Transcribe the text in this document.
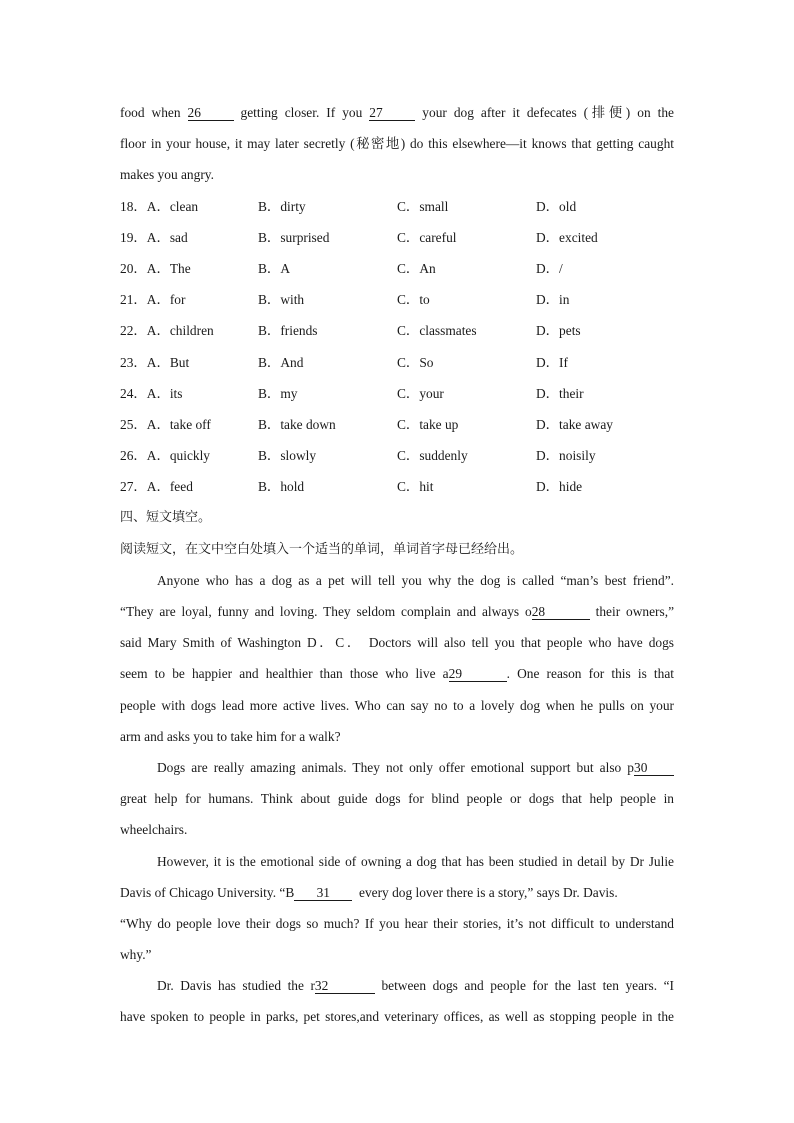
food when 26	getting closer. If you 27	your dog after it defecates (排便) on the
floor in your house, it may later secretly (秘密地) do this elsewhere—it knows that getting caught
makes you angry.
18．A．clean	B．dirty	C．small	D．old
19．A．sad	B．surprised	C．careful	D．excited
20．A．The	B．A	C．An	D．/
21．A．for	B．with	C．to	D．in
22．A．children	B．friends	C．classmates	D．pets
23．A．But	B．And	C．So	D．If
24．A．its	B．my	C．your	D．their
25．A．take off	B．take down	C．take up	D．take away
26．A．quickly	B．slowly	C．suddenly	D．noisily
27．A．feed	B．hold	C．hit	D．hide
四、短文填空。
阅读短文，在文中空白处填入一个适当的单词，单词首字母已经给出。
Anyone who has a dog as a pet will tell you why the dog is called “man’s best friend”.
“They are loyal, funny and loving. They seldom complain and always o28	their owners,”
said Mary Smith of Washington D．C． Doctors will also tell you that people who have dogs
seem to be happier and healthier than those who live a29	. One reason for this is that
people with dogs lead more active lives. Who can say no to a lovely dog when he pulls on your
arm and asks you to take him for a walk?
Dogs are really amazing animals. They not only offer emotional support but also p30
great help for humans. Think about guide dogs for blind people or dogs that help people in
wheelchairs.
However, it is the emotional side of owning a dog that has been studied in detail by Dr Julie
Davis of Chicago University. “B 31 every dog lover there is a story,” says Dr. Davis.
“Why do people love their dogs so much? If you hear their stories, it’s not difficult to understand
why.”
Dr. Davis has studied the r32	between dogs and people for the last ten years. “I
have spoken to people in parks, pet stores,and veterinary offices, as well as stopping people in the
